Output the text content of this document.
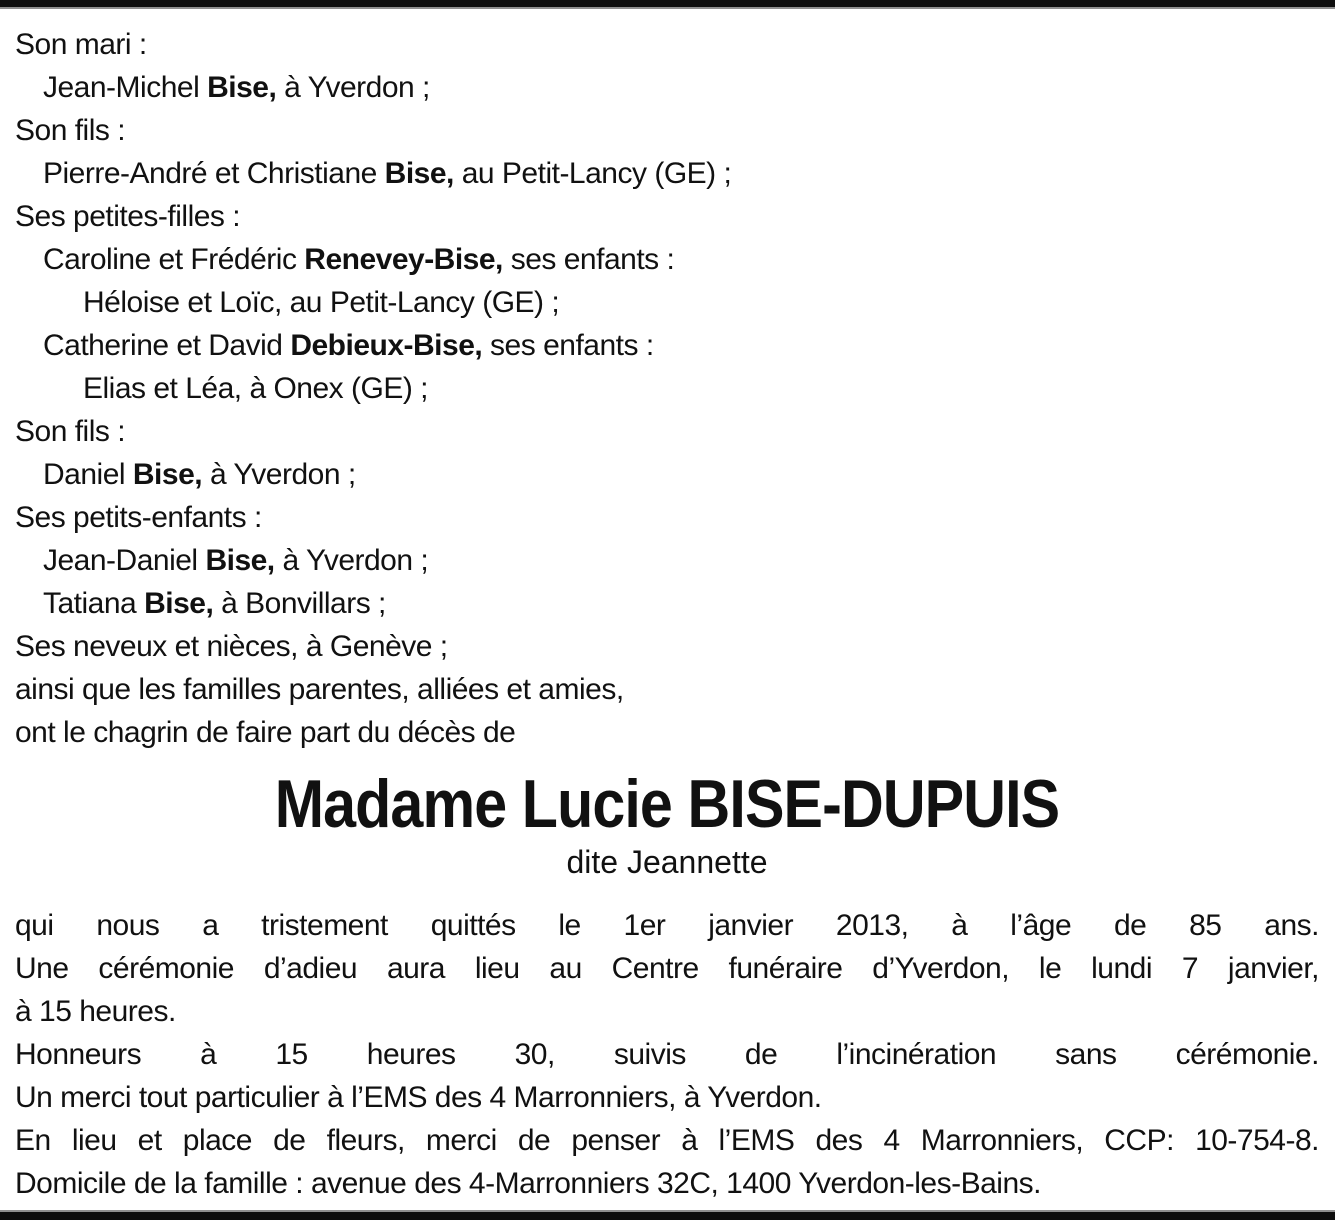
Son mari :
Jean-Michel Bise, à Yverdon ;
Son fils :
Pierre-André et Christiane Bise, au Petit-Lancy (GE) ;
Ses petites-filles :
Caroline et Frédéric Renevey-Bise, ses enfants :
Héloise et Loïc, au Petit-Lancy (GE) ;
Catherine et David Debieux-Bise, ses enfants :
Elias et Léa, à Onex (GE) ;
Son fils :
Daniel Bise, à Yverdon ;
Ses petits-enfants :
Jean-Daniel Bise, à Yverdon ;
Tatiana Bise, à Bonvillars ;
Ses neveux et nièces, à Genève ;
ainsi que les familles parentes, alliées et amies,
ont le chagrin de faire part du décès de
Madame Lucie BISE-DUPUIS
dite Jeannette
qui nous a tristement quittés le 1er janvier 2013, à l’âge de 85 ans.
Une cérémonie d’adieu aura lieu au Centre funéraire d’Yverdon, le lundi 7 janvier,
à 15 heures.
Honneurs à 15 heures 30, suivis de l’incinération sans cérémonie.
Un merci tout particulier à l’EMS des 4 Marronniers, à Yverdon.
En lieu et place de fleurs, merci de penser à l’EMS des 4 Marronniers, CCP: 10-754-8.
Domicile de la famille : avenue des 4-Marronniers 32C, 1400 Yverdon-les-Bains.
